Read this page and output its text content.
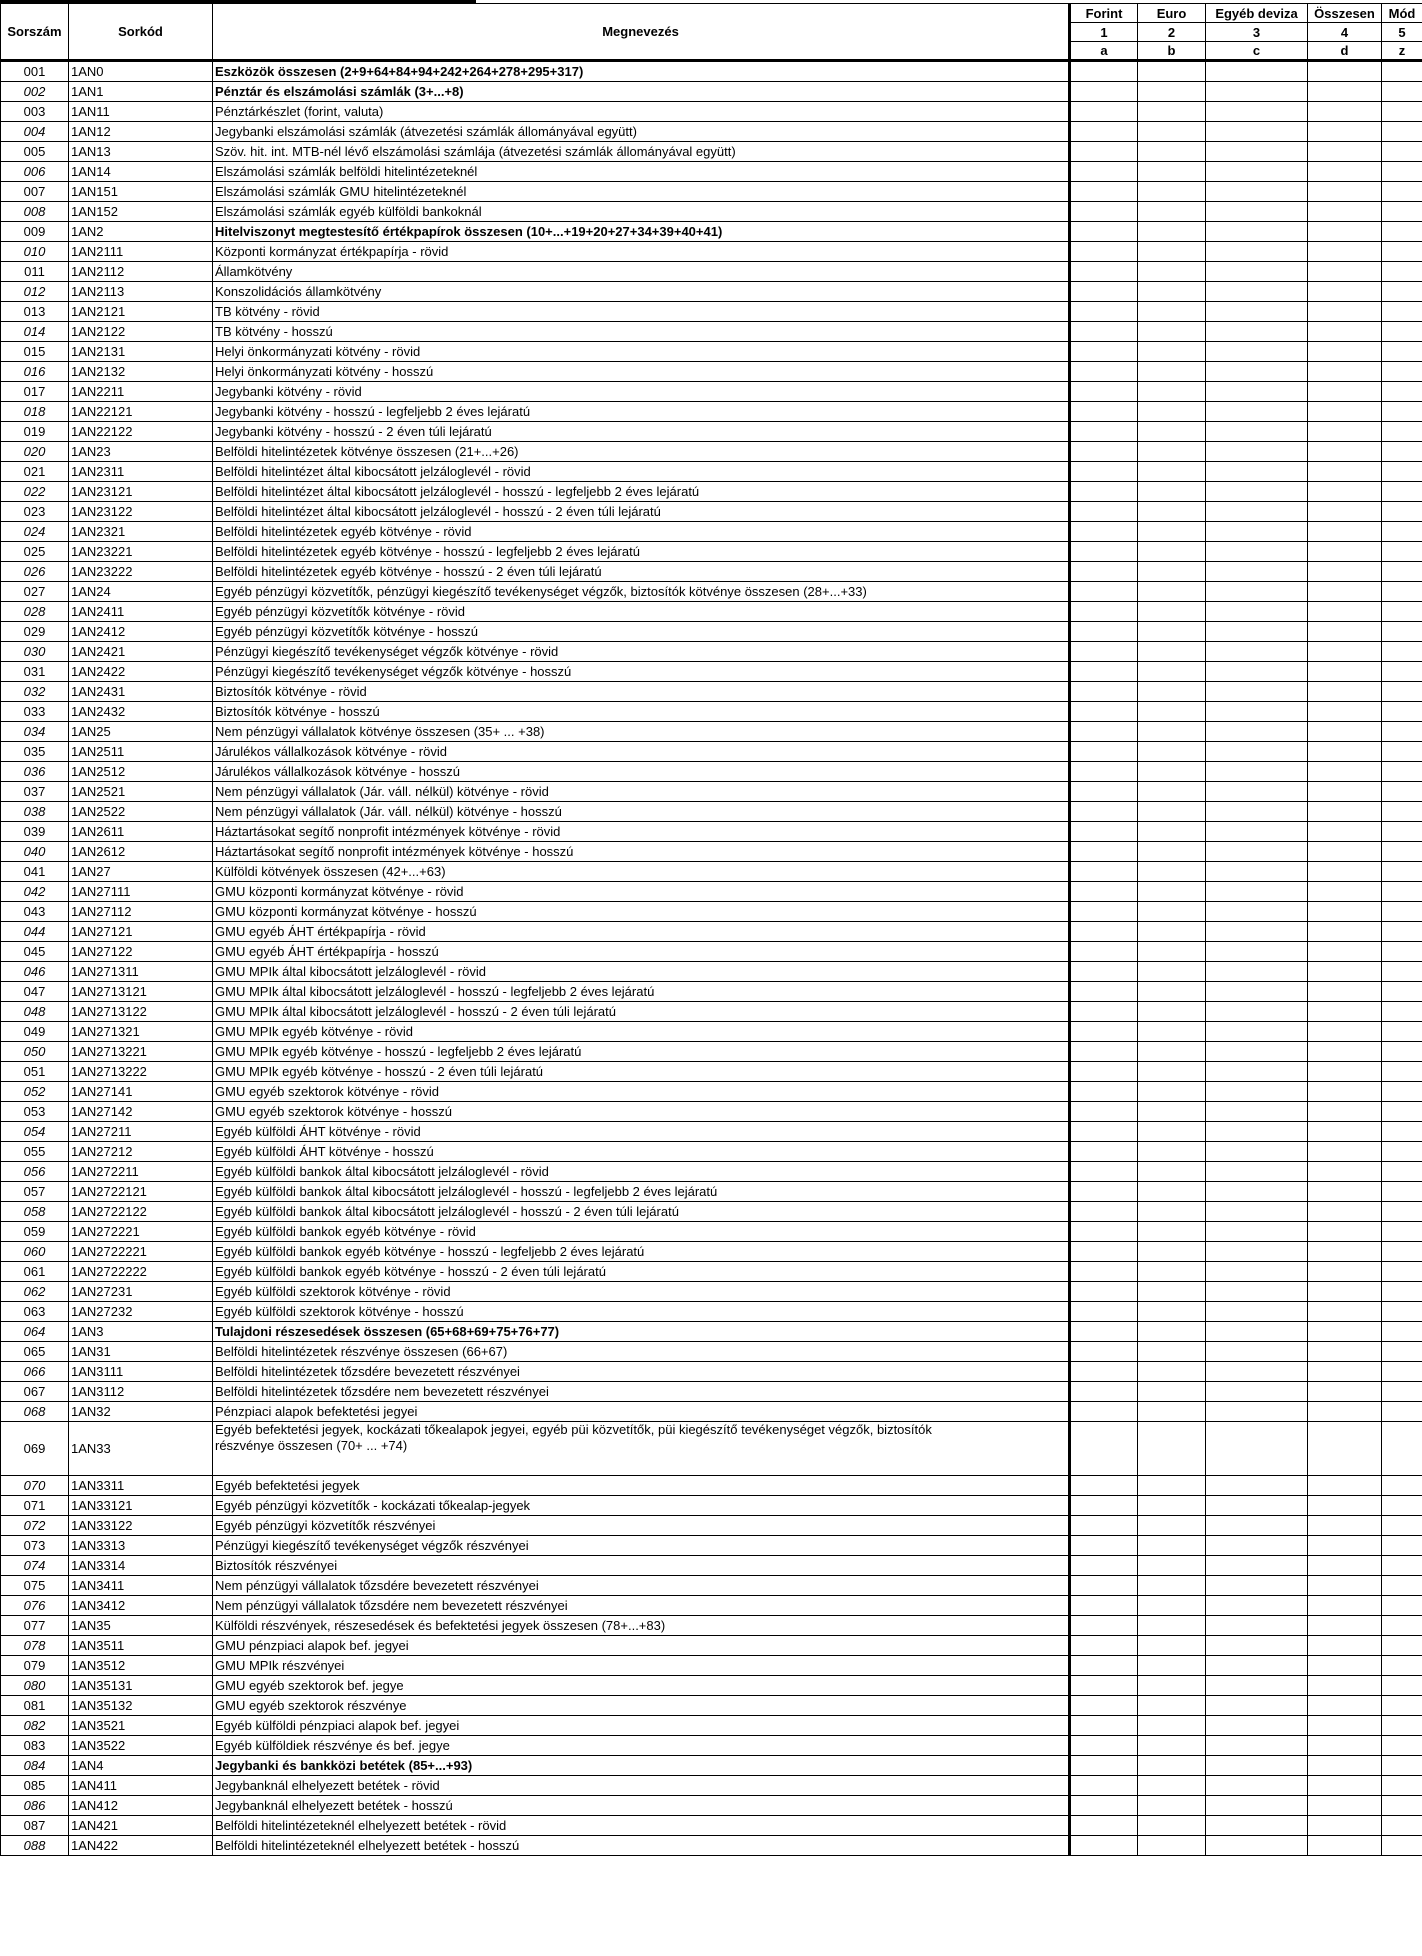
Sorszám	Sorkód	Megnevezés	Forint	Euro	Egyéb deviza	Összesen	Mód
			1	2	3	4	5
			a	b	c	d	z
001	1AN0	Eszközök összesen (2+9+64+84+94+242+264+278+295+317)					
002	1AN1	Pénztár és elszámolási számlák (3+...+8)					
003	1AN11	Pénztárkészlet (forint, valuta)					
004	1AN12	Jegybanki elszámolási számlák (átvezetési számlák állományával együtt)					
005	1AN13	Szöv. hit. int. MTB-nél lévő elszámolási számlája (átvezetési számlák állományával együtt)					
006	1AN14	Elszámolási számlák belföldi hitelintézeteknél					
007	1AN151	Elszámolási számlák GMU hitelintézeteknél					
008	1AN152	Elszámolási számlák egyéb külföldi bankoknál					
009	1AN2	Hitelviszonyt megtestesítő értékpapírok összesen (10+...+19+20+27+34+39+40+41)					
010	1AN2111	Központi kormányzat értékpapírja - rövid					
011	1AN2112	Államkötvény					
012	1AN2113	Konszolidációs államkötvény					
013	1AN2121	TB kötvény - rövid					
014	1AN2122	TB kötvény - hosszú					
015	1AN2131	Helyi önkormányzati kötvény - rövid					
016	1AN2132	Helyi önkormányzati kötvény - hosszú					
017	1AN2211	Jegybanki kötvény - rövid					
018	1AN22121	Jegybanki kötvény - hosszú - legfeljebb 2 éves lejáratú					
019	1AN22122	Jegybanki kötvény - hosszú - 2 éven túli lejáratú					
020	1AN23	Belföldi hitelintézetek kötvénye összesen (21+...+26)					
021	1AN2311	Belföldi hitelintézet által kibocsátott jelzáloglevél - rövid					
022	1AN23121	Belföldi hitelintézet által kibocsátott jelzáloglevél - hosszú - legfeljebb 2 éves lejáratú					
023	1AN23122	Belföldi hitelintézet által kibocsátott jelzáloglevél - hosszú - 2 éven túli lejáratú					
024	1AN2321	Belföldi hitelintézetek egyéb kötvénye - rövid					
025	1AN23221	Belföldi hitelintézetek egyéb kötvénye - hosszú - legfeljebb 2 éves lejáratú					
026	1AN23222	Belföldi hitelintézetek egyéb kötvénye - hosszú - 2 éven túli lejáratú					
027	1AN24	Egyéb pénzügyi közvetítők, pénzügyi kiegészítő tevékenységet végzők, biztosítók kötvénye összesen (28+...+33)					
028	1AN2411	Egyéb pénzügyi közvetítők kötvénye - rövid					
029	1AN2412	Egyéb pénzügyi közvetítők kötvénye - hosszú					
030	1AN2421	Pénzügyi kiegészítő tevékenységet végzők kötvénye - rövid					
031	1AN2422	Pénzügyi kiegészítő tevékenységet végzők kötvénye - hosszú					
032	1AN2431	Biztosítók kötvénye - rövid					
033	1AN2432	Biztosítók kötvénye - hosszú					
034	1AN25	Nem pénzügyi vállalatok kötvénye összesen (35+ ... +38)					
035	1AN2511	Járulékos vállalkozások kötvénye - rövid					
036	1AN2512	Járulékos vállalkozások kötvénye - hosszú					
037	1AN2521	Nem pénzügyi vállalatok (Jár. váll. nélkül) kötvénye - rövid					
038	1AN2522	Nem pénzügyi vállalatok (Jár. váll. nélkül) kötvénye - hosszú					
039	1AN2611	Háztartásokat segítő nonprofit intézmények kötvénye - rövid					
040	1AN2612	Háztartásokat segítő nonprofit intézmények kötvénye - hosszú					
041	1AN27	Külföldi kötvények összesen (42+...+63)					
042	1AN27111	GMU központi kormányzat kötvénye - rövid					
043	1AN27112	GMU központi kormányzat kötvénye - hosszú					
044	1AN27121	GMU egyéb ÁHT értékpapírja - rövid					
045	1AN27122	GMU egyéb ÁHT értékpapírja - hosszú					
046	1AN271311	GMU MPIk által kibocsátott jelzáloglevél - rövid					
047	1AN2713121	GMU MPIk által kibocsátott jelzáloglevél - hosszú - legfeljebb 2 éves lejáratú					
048	1AN2713122	GMU MPIk által kibocsátott jelzáloglevél - hosszú - 2 éven túli lejáratú					
049	1AN271321	GMU MPIk egyéb kötvénye - rövid					
050	1AN2713221	GMU MPIk egyéb kötvénye - hosszú - legfeljebb 2 éves lejáratú					
051	1AN2713222	GMU MPIk egyéb kötvénye - hosszú - 2 éven túli lejáratú					
052	1AN27141	GMU egyéb szektorok kötvénye - rövid					
053	1AN27142	GMU egyéb szektorok kötvénye - hosszú					
054	1AN27211	Egyéb külföldi ÁHT kötvénye - rövid					
055	1AN27212	Egyéb külföldi ÁHT kötvénye - hosszú					
056	1AN272211	Egyéb külföldi bankok által kibocsátott jelzáloglevél - rövid					
057	1AN2722121	Egyéb külföldi bankok által kibocsátott jelzáloglevél - hosszú - legfeljebb 2 éves lejáratú					
058	1AN2722122	Egyéb külföldi bankok által kibocsátott jelzáloglevél - hosszú - 2 éven túli lejáratú					
059	1AN272221	Egyéb külföldi bankok egyéb kötvénye - rövid					
060	1AN2722221	Egyéb külföldi bankok egyéb kötvénye - hosszú - legfeljebb 2 éves lejáratú					
061	1AN2722222	Egyéb külföldi bankok egyéb kötvénye - hosszú - 2 éven túli lejáratú					
062	1AN27231	Egyéb külföldi szektorok kötvénye - rövid					
063	1AN27232	Egyéb külföldi szektorok kötvénye - hosszú					
064	1AN3	Tulajdoni részesedések összesen (65+68+69+75+76+77)					
065	1AN31	Belföldi hitelintézetek részvénye összesen (66+67)					
066	1AN3111	Belföldi hitelintézetek tőzsdére bevezetett részvényei					
067	1AN3112	Belföldi hitelintézetek tőzsdére nem bevezetett részvényei					
068	1AN32	Pénzpiaci alapok befektetési jegyei					
069	1AN33	Egyéb befektetési jegyek, kockázati tőkealapok jegyei, egyéb püi közvetítők, püi kiegészítő tevékenységet végzők, biztosítók
részvénye összesen (70+ ... +74)					
070	1AN3311	Egyéb befektetési jegyek					
071	1AN33121	Egyéb pénzügyi közvetítők - kockázati tőkealap-jegyek					
072	1AN33122	Egyéb pénzügyi közvetítők részvényei					
073	1AN3313	Pénzügyi kiegészítő tevékenységet végzők részvényei					
074	1AN3314	Biztosítók részvényei					
075	1AN3411	Nem pénzügyi vállalatok tőzsdére bevezetett részvényei					
076	1AN3412	Nem pénzügyi vállalatok tőzsdére nem bevezetett részvényei					
077	1AN35	Külföldi részvények, részesedések és befektetési jegyek összesen (78+...+83)					
078	1AN3511	GMU pénzpiaci alapok bef. jegyei					
079	1AN3512	GMU MPIk részvényei					
080	1AN35131	GMU egyéb szektorok bef. jegye					
081	1AN35132	GMU egyéb szektorok részvénye					
082	1AN3521	Egyéb külföldi pénzpiaci alapok bef. jegyei					
083	1AN3522	Egyéb külföldiek részvénye és bef. jegye					
084	1AN4	Jegybanki és bankközi betétek (85+...+93)					
085	1AN411	Jegybanknál elhelyezett betétek - rövid					
086	1AN412	Jegybanknál elhelyezett betétek - hosszú					
087	1AN421	Belföldi hitelintézeteknél elhelyezett betétek - rövid					
088	1AN422	Belföldi hitelintézeteknél elhelyezett betétek - hosszú					
